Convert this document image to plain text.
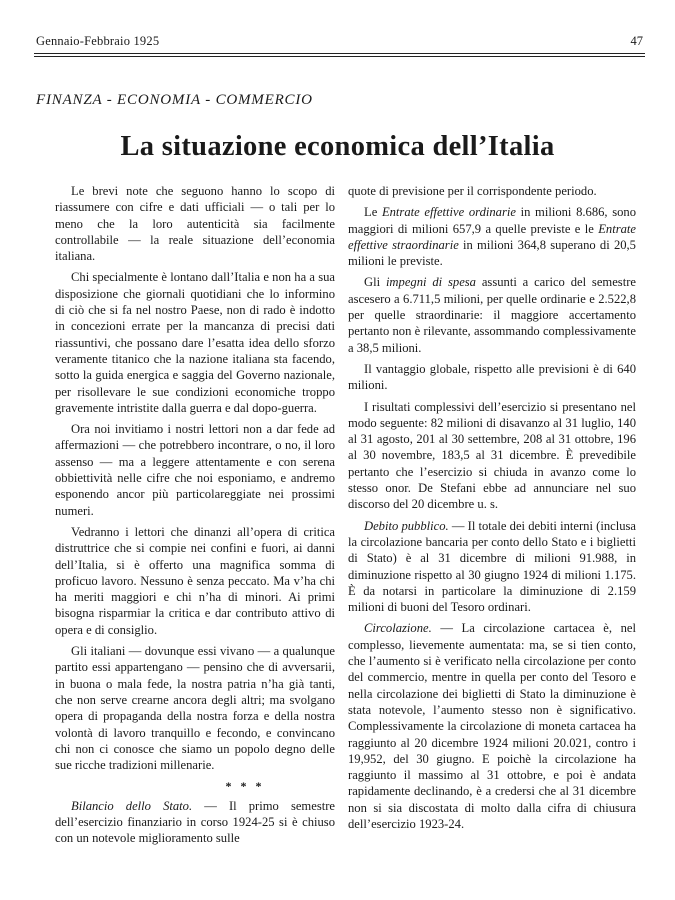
Gennaio-Febbraio 1925	47
FINANZA - ECONOMIA - COMMERCIO
La situazione economica dell’Italia

Le brevi note che seguono hanno lo scopo di riassumere con cifre e dati ufficiali — o tali per lo meno che la loro autenticità sia facilmente controllabile — la reale situazione dell’economia italiana.

Chi specialmente è lontano dall’Italia e non ha a sua disposizione che giornali quotidiani che lo informino di ciò che si fa nel nostro Paese, non di rado è indotto in concezioni errate per la mancanza di precisi dati riassuntivi, che possano dare l’esatta idea dello sforzo veramente titanico che la nazione italiana sta facendo, sotto la guida energica e saggia del Governo nazionale, per risollevare le sue condizioni economiche troppo gravemente intristite dalla guerra e dal dopo-guerra.

Ora noi invitiamo i nostri lettori non a dar fede ad affermazioni — che potrebbero incontrare, o no, il loro assenso — ma a leggere attentamente e con serena obbiettività nelle cifre che noi esponiamo, e andremo esponendo ancor più particolareggiate nei prossimi numeri.

Vedranno i lettori che dinanzi all’opera di critica distruttrice che si compie nei confini e fuori, ai danni dell’Italia, si è offerto una magnifica somma di proficuo lavoro. Nessuno è senza peccato. Ma v’ha chi ha meriti maggiori e chi n’ha di minori. Ai primi bisogna risparmiar la critica e dar contributo attivo di opera e di consiglio.

Gli italiani — dovunque essi vivano — a qualunque partito essi appartengano — pensino che di avversarii, in buona o mala fede, la nostra patria n’ha già tanti, che non serve crearne ancora degli altri; ma svolgano opera di propaganda della nostra forza e della nostra volontà di lavoro tranquillo e fecondo, e convincano chi non ci conosce che siamo un popolo degno delle sue ricche tradizioni millenarie.

* * *

Bilancio dello Stato. — Il primo semestre dell’esercizio finanziario in corso 1924-25 si è chiuso con un notevole miglioramento sulle

quote di previsione per il corrispondente periodo.

Le Entrate effettive ordinarie in milioni 8.686, sono maggiori di milioni 657,9 a quelle previste e le Entrate effettive straordinarie in milioni 364,8 superano di 20,5 milioni le previste.

Gli impegni di spesa assunti a carico del semestre ascesero a 6.711,5 milioni, per quelle ordinarie e 2.522,8 per quelle straordinarie: il maggiore accertamento pertanto non è rilevante, assommando complessivamente a 38,5 milioni.

Il vantaggio globale, rispetto alle previsioni è di 640 milioni.

I risultati complessivi dell’esercizio si presentano nel modo seguente: 82 milioni di disavanzo al 31 luglio, 140 al 31 agosto, 201 al 30 settembre, 208 al 31 ottobre, 196 al 30 novembre, 183,5 al 31 dicembre. È prevedibile pertanto che l’esercizio si chiuda in avanzo come lo stesso onor. De Stefani ebbe ad annunciare nel suo discorso del 20 dicembre u. s.

Debito pubblico. — Il totale dei debiti interni (inclusa la circolazione bancaria per conto dello Stato e i biglietti di Stato) è al 31 dicembre di milioni 91.988, in diminuzione rispetto al 30 giugno 1924 di milioni 1.175. È da notarsi in particolare la diminuzione di 2.159 milioni di buoni del Tesoro ordinari.

Circolazione. — La circolazione cartacea è, nel complesso, lievemente aumentata: ma, se si tien conto, che l’aumento si è verificato nella circolazione per conto del commercio, mentre in quella per conto del Tesoro e nella circolazione dei biglietti di Stato la diminuzione è stata notevole, l’aumento stesso non è significativo. Complessivamente la circolazione di moneta cartacea ha raggiunto al 20 dicembre 1924 milioni 20.021, contro i 19,952, del 30 giugno. E poichè la circolazione ha raggiunto il massimo al 31 ottobre, e poi è andata rapidamente declinando, è a credersi che al 31 dicembre non si sia discostata di molto dalla cifra di chiusura dell’esercizio 1923-24.
